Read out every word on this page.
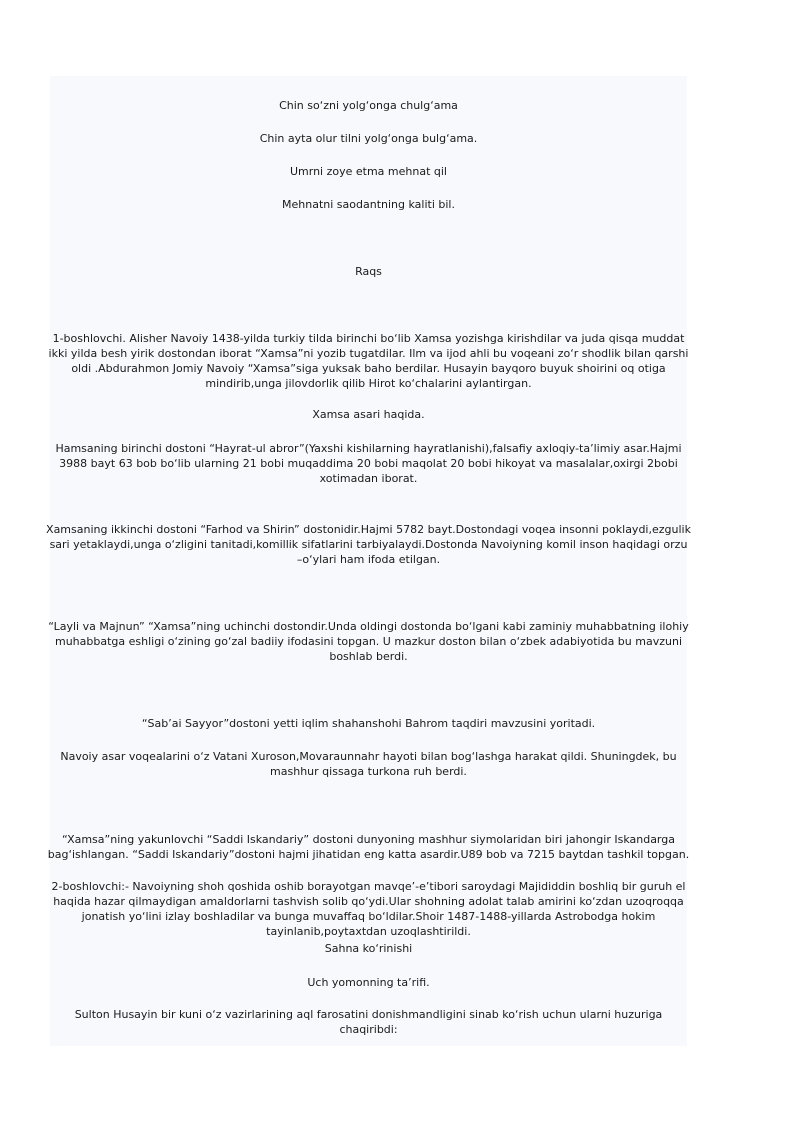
Chin so‘zni yolg‘onga chulg‘ama

Chin ayta olur tilni yolg‘onga bulg‘ama.

Umrni zoye etma mehnat qil

Mehnatni saodantning kaliti bil.

Raqs

1-boshlovchi. Alisher Navoiy 1438-yilda turkiy tilda birinchi bo‘lib Xamsa yozishga kirishdilar va juda qisqa muddat ikki yilda besh yirik dostondan iborat “Xamsa”ni yozib tugatdilar. Ilm va ijod ahli bu voqeani zo‘r shodlik bilan qarshi oldi .Abdurahmon Jomiy Navoiy “Xamsa”siga yuksak baho berdilar. Husayin bayqoro buyuk shoirini oq otiga mindirib,unga jilovdorlik qilib Hirot ko‘chalarini aylantirgan.

Xamsa asari haqida.

Hamsaning birinchi dostoni “Hayrat-ul abror”(Yaxshi kishilarning hayratlanishi),falsafiy axloqiy-ta’limiy asar.Hajmi 3988 bayt 63 bob bo‘lib ularning 21 bobi muqaddima 20 bobi maqolat 20 bobi hikoyat va masalalar,oxirgi 2bobi xotimadan iborat.

Xamsaning ikkinchi dostoni “Farhod va Shirin” dostonidir.Hajmi 5782 bayt.Dostondagi voqea insonni poklaydi,ezgulik sari yetaklaydi,unga o‘zligini tanitadi,komillik sifatlarini tarbiyalaydi.Dostonda Navoiyning komil inson haqidagi orzu –o‘ylari ham ifoda etilgan.

“Layli va Majnun” “Xamsa”ning uchinchi dostondir.Unda oldingi dostonda bo‘lgani kabi zaminiy muhabbatning ilohiy muhabbatga eshligi o‘zining go‘zal badiiy ifodasini topgan. U mazkur doston bilan o‘zbek adabiyotida bu mavzuni boshlab berdi.

“Sab’ai Sayyor”dostoni yetti iqlim shahanshohi Bahrom taqdiri mavzusini yoritadi.

Navoiy asar voqealarini o‘z Vatani Xuroson,Movaraunnahr hayoti bilan bog‘lashga harakat qildi. Shuningdek, bu mashhur qissaga turkona ruh berdi.

“Xamsa”ning yakunlovchi “Saddi Iskandariy” dostoni dunyoning mashhur siymolaridan biri jahongir Iskandarga bag‘ishlangan. “Saddi Iskandariy”dostoni hajmi jihatidan eng katta asardir.U89 bob va 7215 baytdan tashkil topgan.

2-boshlovchi:- Navoiyning shoh qoshida oshib borayotgan mavqe’-e’tibori saroydagi Majididdin boshliq bir guruh el haqida hazar qilmaydigan amaldorlarni tashvish solib qo‘ydi.Ular shohning adolat talab amirini ko‘zdan uzoqroqqa jonatish yo‘lini izlay boshladilar va bunga muvaffaq bo‘ldilar.Shoir 1487-1488-yillarda Astrobodga hokim tayinlanib,poytaxtdan uzoqlashtirildi.

Sahna ko‘rinishi

Uch yomonning ta’rifi.

Sulton Husayin bir kuni o‘z vazirlarining aql farosatini donishmandligini sinab ko‘rish uchun ularni huzuriga chaqiribdi:
